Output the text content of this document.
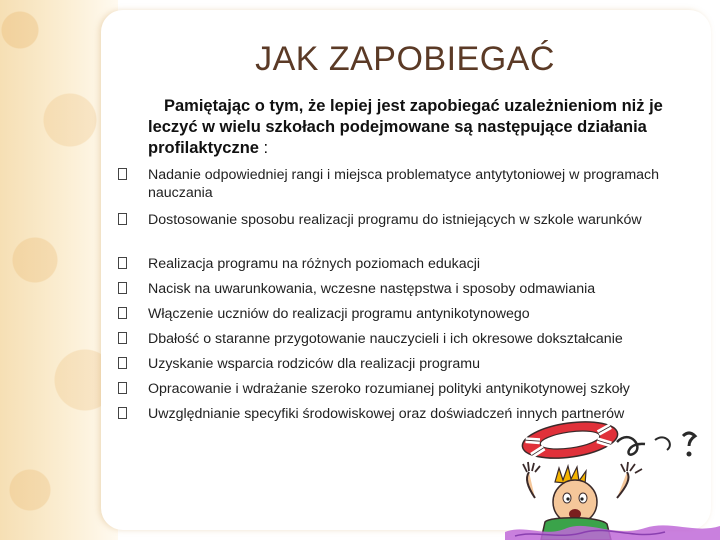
JAK ZAPOBIEGAĆ
Pamiętając o tym, że lepiej jest zapobiegać uzależnieniom niż je leczyć w wielu szkołach podejmowane są następujące działania profilaktyczne :
Nadanie odpowiedniej rangi i miejsca problematyce antytytoniowej w programach nauczania
Dostosowanie sposobu realizacji programu do istniejących w szkole warunków
Realizacja programu na różnych poziomach edukacji
Nacisk na uwarunkowania, wczesne następstwa i sposoby odmawiania
Włączenie uczniów do realizacji programu antynikotynowego
Dbałość o staranne przygotowanie nauczycieli i ich okresowe dokształcanie
Uzyskanie wsparcia rodziców dla realizacji programu
Opracowanie i wdrażanie szeroko rozumianej polityki antynikotynowej szkoły
Uwzględnianie specyfiki środowiskowej oraz doświadczeń innych partnerów
